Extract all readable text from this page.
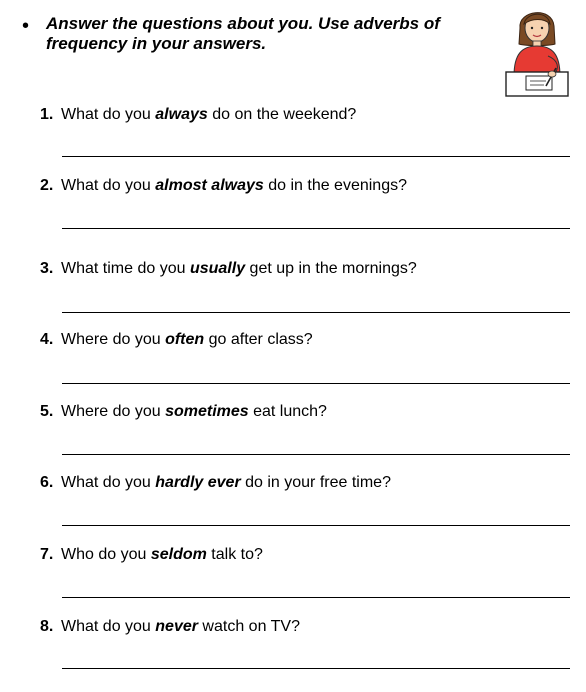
• Answer the questions about you. Use adverbs of
frequency in your answers.
1. What do you always do on the weekend?
2. What do you almost always do in the evenings?
3. What time do you usually get up in the mornings?
4. Where do you often go after class?
5. Where do you sometimes eat lunch?
6. What do you hardly ever do in your free time?
7. Who do you seldom talk to?
8. What do you never watch on TV?
